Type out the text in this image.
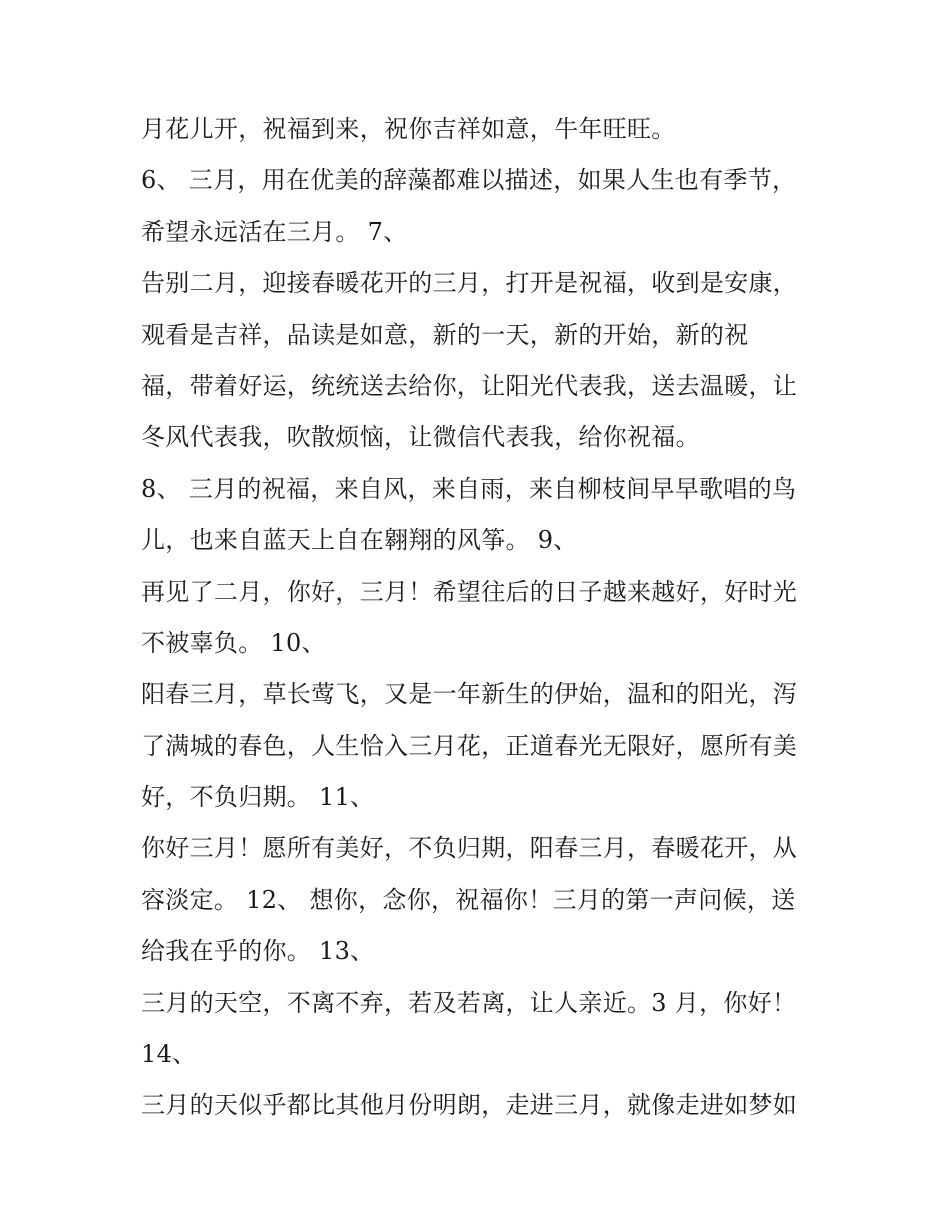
月花儿开，祝福到来，祝你吉祥如意，牛年旺旺。
6、 三月，用在优美的辞藻都难以描述，如果人生也有季节，
希望永远活在三月。 7、
告别二月，迎接春暖花开的三月，打开是祝福，收到是安康，
观看是吉祥，品读是如意，新的一天，新的开始，新的祝
福，带着好运，统统送去给你，让阳光代表我，送去温暖，让
冬风代表我，吹散烦恼，让微信代表我，给你祝福。
8、 三月的祝福，来自风，来自雨，来自柳枝间早早歌唱的鸟
儿，也来自蓝天上自在翱翔的风筝。 9、
再见了二月，你好，三月！希望往后的日子越来越好，好时光
不被辜负。 10、
阳春三月，草长莺飞，又是一年新生的伊始，温和的阳光，泻
了满城的春色，人生恰入三月花，正道春光无限好，愿所有美
好，不负归期。 11、
你好三月！愿所有美好，不负归期，阳春三月，春暖花开，从
容淡定。 12、 想你，念你，祝福你！三月的第一声问候，送
给我在乎的你。 13、
三月的天空，不离不弃，若及若离，让人亲近。3 月，你好！
14、
三月的天似乎都比其他月份明朗，走进三月，就像走进如梦如
